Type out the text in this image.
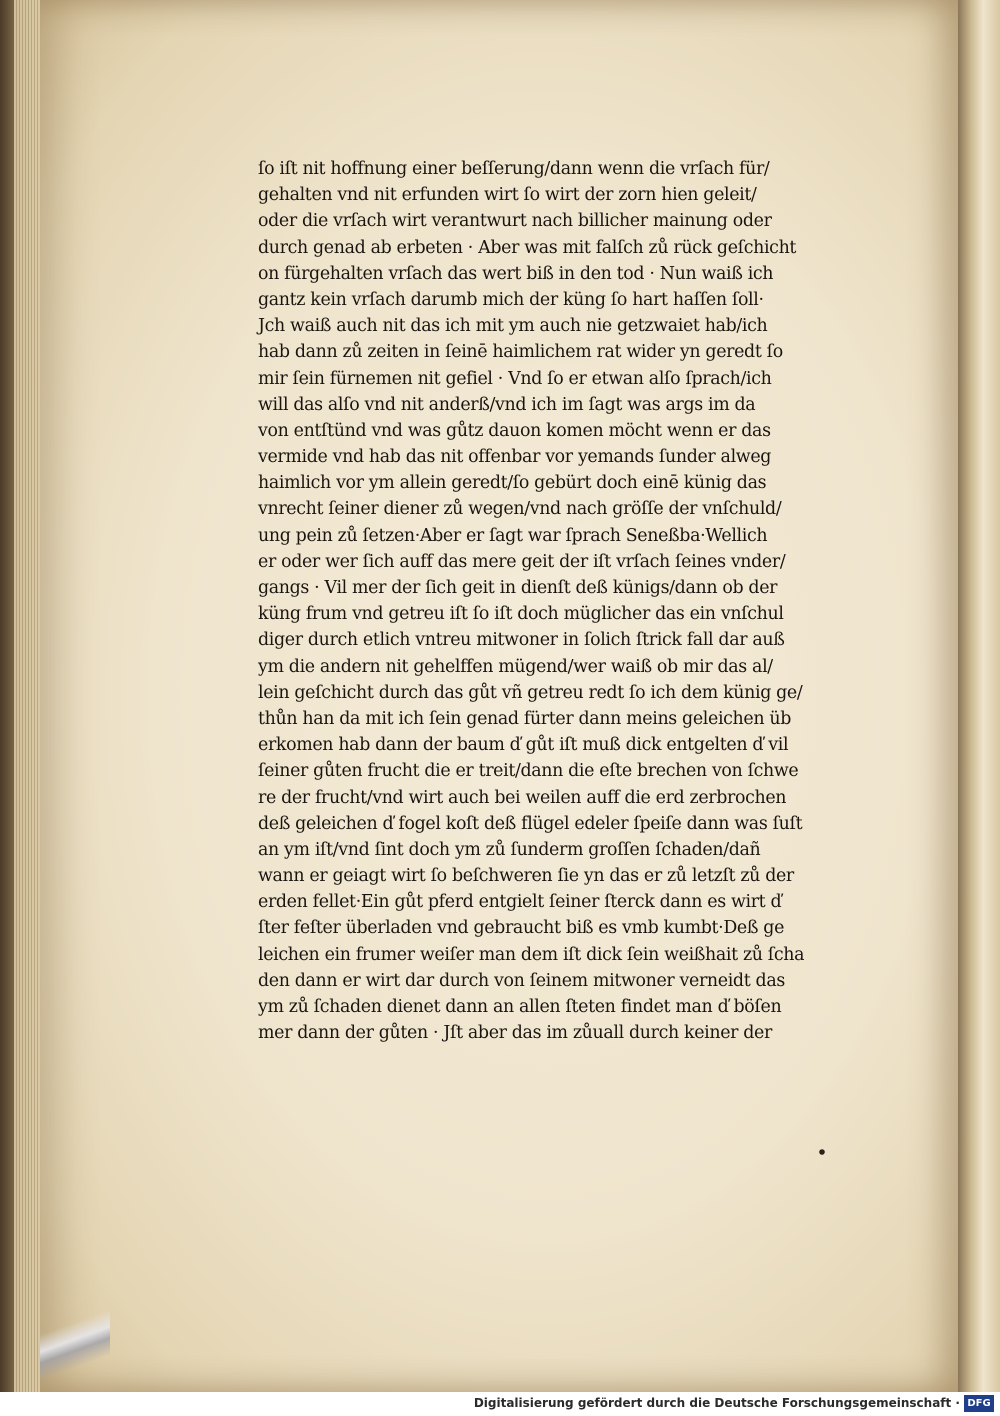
ſo iſt nit hoffnung einer beſſerung/dann wenn die vrſach für/
gehalten vnd nit erfunden wirt ſo wirt der zorn hien geleit/
oder die vrſach wirt verantwurt nach billicher mainung oder
durch genad ab erbeten · Aber was mit falſch zů rück geſchicht
on fürgehalten vrſach das wert biß in den tod · Nun waiß ich
gantz kein vrſach darumb mich der küng ſo hart haſſen ſoll·
Jch waiß auch nit das ich mit ym auch nie getzwaiet hab/ich
hab dann zů zeiten in ſeinē haimlichem rat wider yn geredt ſo
mir ſein fürnemen nit gefiel · Vnd ſo er etwan alſo ſprach/ich
will das alſo vnd nit anderß/vnd ich im ſagt was args im da
von entſtünd vnd was gůtz dauon komen möcht wenn er das
vermide vnd hab das nit offenbar vor yemands ſunder alweg
haimlich vor ym allein geredt/ſo gebürt doch einē künig das
vnrecht ſeiner diener zů wegen/vnd nach gröſſe der vnſchuld/
ung pein zů ſetzen·Aber er ſagt war ſprach Seneßba·Wellich
er oder wer ſich auff das mere geit der iſt vrſach ſeines vnder/
gangs · Vil mer der ſich geit in dienſt deß künigs/dann ob der
küng frum vnd getreu iſt ſo iſt doch müglicher das ein vnſchul
diger durch etlich vntreu mitwoner in ſolich ſtrick fall dar auß
ym die andern nit gehelffen mügend/wer waiß ob mir das al/
lein geſchicht durch das gůt vñ getreu redt ſo ich dem künig ge/
thůn han da mit ich ſein genad fürter dann meins geleichen üb
erkomen hab dann der baum ď gůt iſt muß dick entgelten ď vil
ſeiner gůten frucht die er treit/dann die eſte brechen von ſchwe
re der frucht/vnd wirt auch bei weilen auff die erd zerbrochen
deß geleichen ď fogel koſt deß flügel edeler ſpeiſe dann was ſuſt
an ym iſt/vnd ſint doch ym zů ſunderm groſſen ſchaden/dañ
wann er geiagt wirt ſo beſchweren ſie yn das er zů letzſt zů der
erden fellet·Ein gůt pferd entgielt ſeiner ſterck dann es wirt ď
ſter feſter überladen vnd gebraucht biß es vmb kumbt·Deß ge
leichen ein frumer weiſer man dem iſt dick ſein weißhait zů ſcha
den dann er wirt dar durch von ſeinem mitwoner verneidt das
ym zů ſchaden dienet dann an allen ſteten findet man ď böſen
mer dann der gůten · Jſt aber das im zůuall durch keiner der
Digitalisierung gefördert durch die Deutsche Forschungsgemeinschaft · DFG
